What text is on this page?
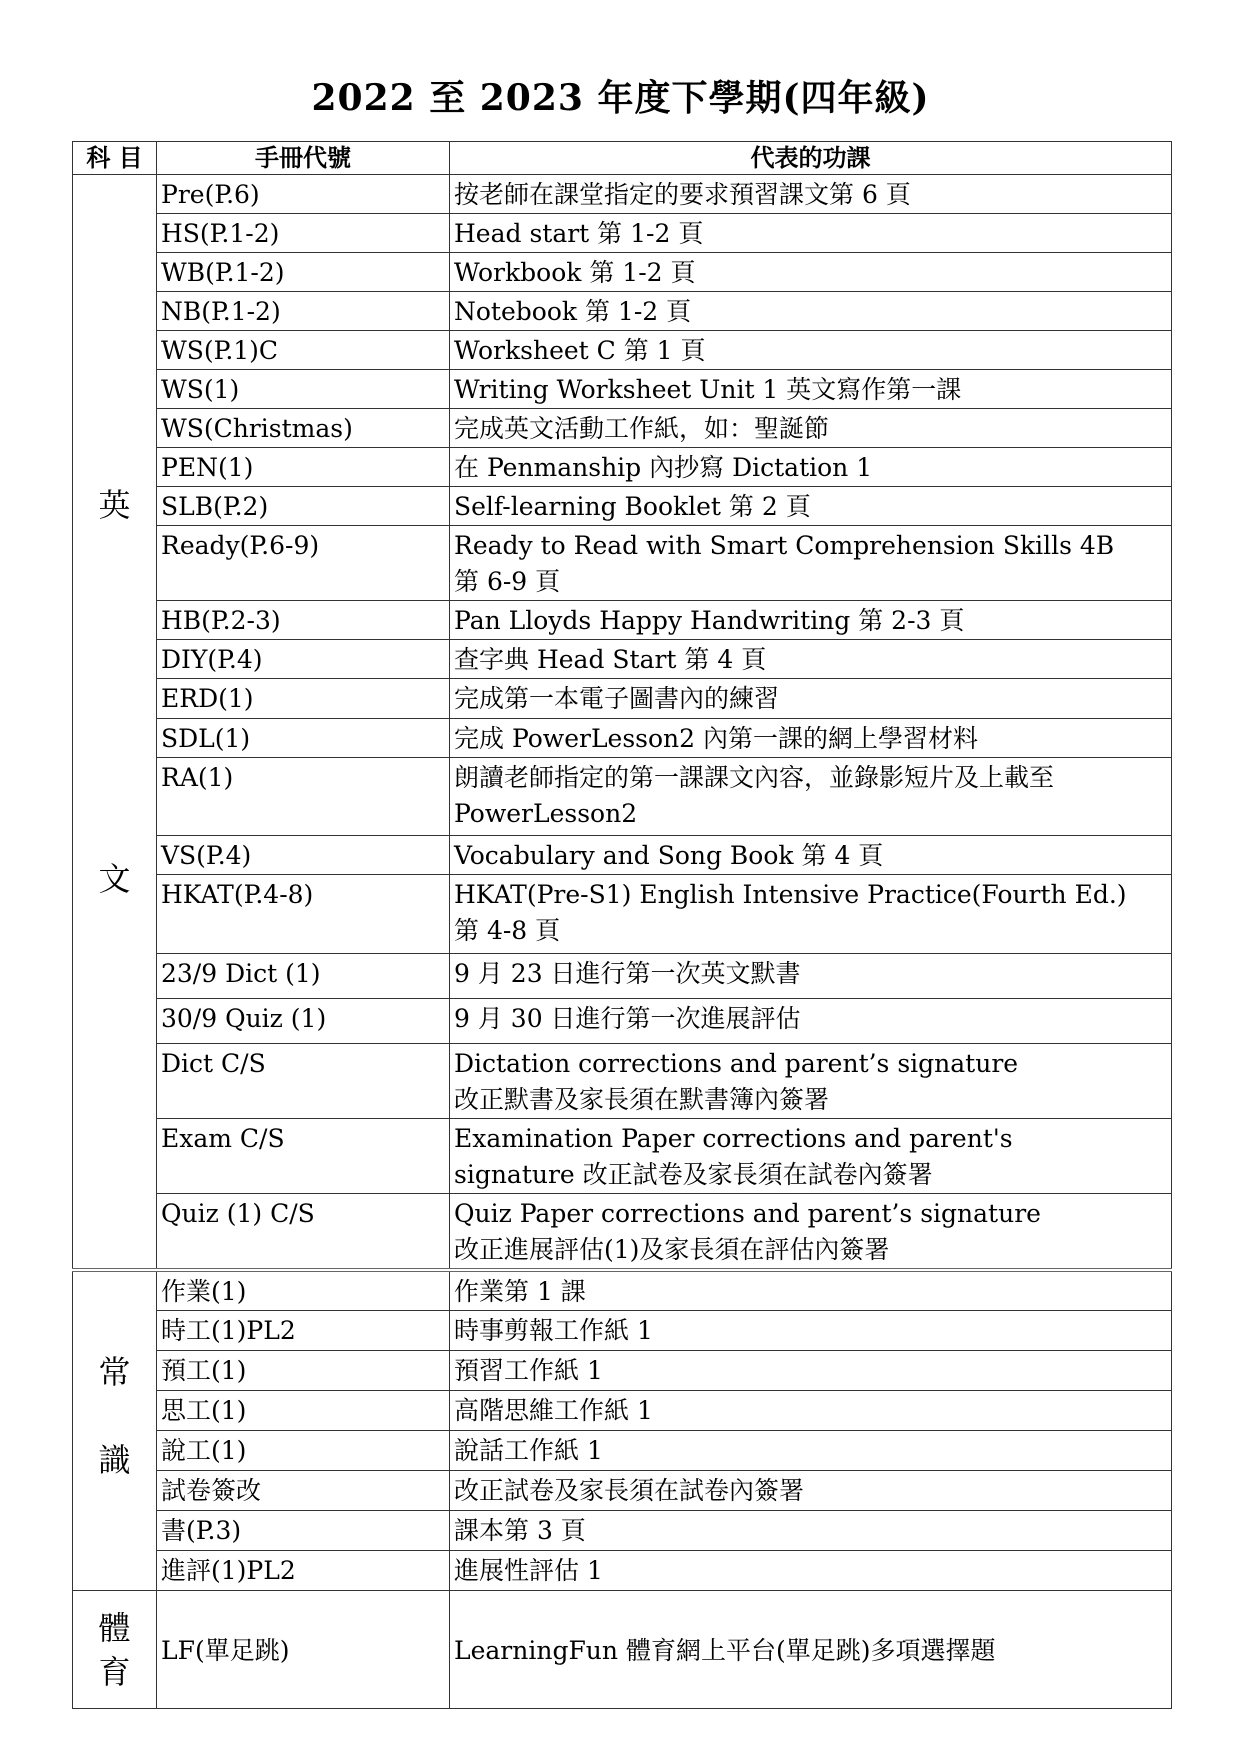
2022 至 2023 年度下學期(四年級)
科 目	手冊代號	代表的功課

英
文	Pre(P.6)	按老師在課堂指定的要求預習課文第 6 頁
	HS(P.1-2)	Head start 第 1-2 頁
	WB(P.1-2)	Workbook 第 1-2 頁
	NB(P.1-2)	Notebook 第 1-2 頁
	WS(P.1)C	Worksheet C 第 1 頁
	WS(1)	Writing Worksheet Unit 1 英文寫作第一課
	WS(Christmas)	完成英文活動工作紙，如：聖誕節
	PEN(1)	在 Penmanship 內抄寫 Dictation 1
	SLB(P.2)	Self-learning Booklet 第 2 頁
	Ready(P.6-9)	Ready to Read with Smart Comprehension Skills 4B
第 6-9 頁

	HB(P.2-3)	Pan Lloyds Happy Handwriting 第 2-3 頁
	DIY(P.4)	查字典 Head Start 第 4 頁
	ERD(1)	完成第一本電子圖書內的練習
	SDL(1)	完成 PowerLesson2 內第一課的網上學習材料
	RA(1)	朗讀老師指定的第一課課文內容，並錄影短片及上載至
PowerLesson2

	VS(P.4)	Vocabulary and Song Book 第 4 頁
	HKAT(P.4-8)	HKAT(Pre-S1) English Intensive Practice(Fourth Ed.)
第 4-8 頁

	23/9 Dict (1)	9 月 23 日進行第一次英文默書
	30/9 Quiz (1)	9 月 30 日進行第一次進展評估
	Dict C/S	Dictation corrections and parent’s signature
改正默書及家長須在默書簿內簽署

	Exam C/S	Examination Paper corrections and parent's
signature 改正試卷及家長須在試卷內簽署

	Quiz (1) C/S	Quiz Paper corrections and parent’s signature
改正進展評估(1)及家長須在評估內簽署

常
識	作業(1)	作業第 1 課
	時工(1)PL2	時事剪報工作紙 1
	預工(1)	預習工作紙 1
	思工(1)	高階思維工作紙 1
	說工(1)	說話工作紙 1
	試卷簽改	改正試卷及家長須在試卷內簽署
	書(P.3)	課本第 3 頁
	進評(1)PL2	進展性評估 1

體
育	LF(單足跳)	LearningFun 體育網上平台(單足跳)多項選擇題
